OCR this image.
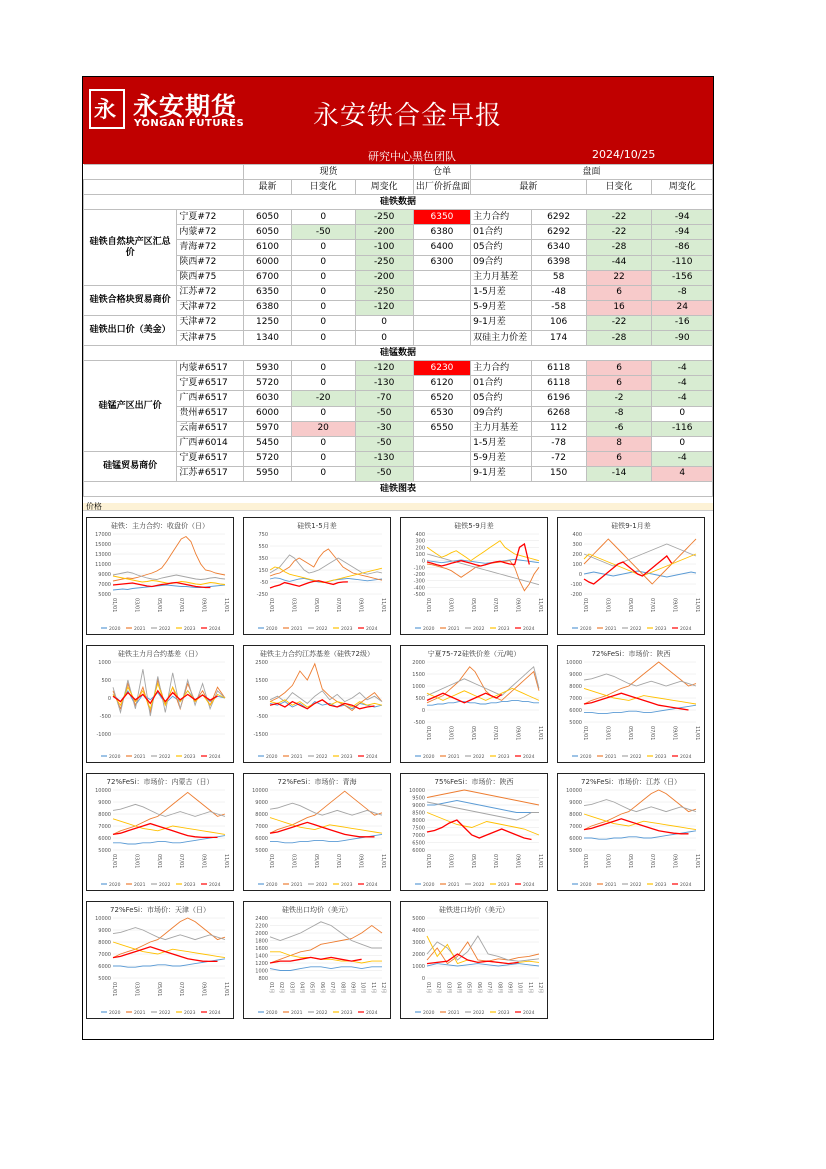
永 永安期货
YONGAN FUTURES	永安铁合金早报
研究中心黑色团队	2024/10/25
		现货			仓单	盘面			
		最新	日变化	周变化	出厂价折盘面	最新		日变化	周变化
硅铁数据									
硅铁自然块产区汇总价	宁夏#72	6050	0	-250	6350	主力合约	6292	-22	-94
	内蒙#72	6050	-50	-200	6380	01合约	6292	-22	-94
	青海#72	6100	0	-100	6400	05合约	6340	-28	-86
	陕西#72	6000	0	-250	6300	09合约	6398	-44	-110
	陕西#75	6700	0	-200		主力月基差	58	22	-156
硅铁合格块贸易商价	江苏#72	6350	0	-250		1-5月差	-48	6	-8
	天津#72	6380	0	-120		5-9月差	-58	16	24
硅铁出口价（美金）	天津#72	1250	0	0		9-1月差	106	-22	-16
	天津#75	1340	0	0		双硅主力价差	174	-28	-90
硅锰数据									
硅锰产区出厂价	内蒙#6517	5930	0	-120	6230	主力合约	6118	6	-4
	宁夏#6517	5720	0	-130	6120	01合约	6118	6	-4
	广西#6517	6030	-20	-70	6520	05合约	6196	-2	-4
	贵州#6517	6000	0	-50	6530	09合约	6268	-8	0
	云南#6517	5970	20	-30	6550	主力月基差	112	-6	-116
	广西#6014	5450	0	-50		1-5月差	-78	8	0
硅锰贸易商价	宁夏#6517	5720	0	-130		5-9月差	-72	6	-4
	江苏#6517	5950	0	-50		9-1月差	150	-14	4
硅铁图表									
价格
硅铁：主力合约：收盘价（日）
17000
15000
13000
11000
9000
7000
5000
01/01	03/01	05/01	07/01	09/01	11/01
2020	2021	2022	2023	2024
硅铁1-5月差
750
550
350
150
-50
-250
01/01	03/01	05/01	07/01	09/01	11/01
2020	2021	2022	2023	2024
硅铁5-9月差
400
300
200
100
0
-100
-200
-300
-400
-500
01/01	03/01	05/01	07/01	09/01	11/01
2020	2021	2022	2023	2024
硅铁9-1月差
400
300
200
100
0
-100
-200
01/01	03/01	05/01	07/01	09/01	11/01
2020	2021	2022	2023	2024
硅铁主力月合约基差（日）
1000
500
0
-500
-1000
2020	2021	2022	2023	2024
硅铁主力合约江苏基差（硅铁72级）
2500
1500
500
-500
-1500
2020	2021	2022	2023	2024
宁夏75-72硅铁价差（元/吨）
2000
1500
1000
500
0
-500
01/01	03/01	05/01	07/01	09/01	11/01
2020	2021	2022	2023	2024
72%FeSi：市场价：陕西
10000
9000
8000
7000
6000
5000
01/01	03/01	05/01	07/01	09/01	11/01
2020	2021	2022	2023	2024
72%FeSi：市场价：内蒙古（日）
10000
9000
8000
7000
6000
5000
01/01	03/01	05/01	07/01	09/01	11/01
2020	2021	2022	2023	2024
72%FeSi：市场价：青海
10000
9000
8000
7000
6000
5000
01/01	03/01	05/01	07/01	09/01	11/01
2020	2021	2022	2023	2024
75%FeSi：市场价：陕西
10000
9500
9000
8500
8000
7500
7000
6500
6000
01/01	03/01	05/01	07/01	09/01	11/01
2020	2021	2022	2023	2024
72%FeSi：市场价：江苏（日）
10000
9000
8000
7000
6000
5000
01/01	03/01	05/01	07/01	09/01	11/01
2020	2021	2022	2023	2024
72%FeSi：市场价：天津（日）
10000
9000
8000
7000
6000
5000
01/01	03/01	05/01	07/01	09/01	11/01
2020	2021	2022	2023	2024
硅铁出口均价（美元）
2400
2200
2000
1800
1600
1400
1200
1000
800
01月 02月 03月 04月 05月 06月 07月 08月 09月 10月 11月 12月
2020	2021	2022	2023	2024
硅铁进口均价（美元）
5000
4000
3000
2000
1000
0
01月 02月 03月 04月 05月 06月 07月 08月 09月 10月 11月 12月
2020	2021	2022	2023	2024
